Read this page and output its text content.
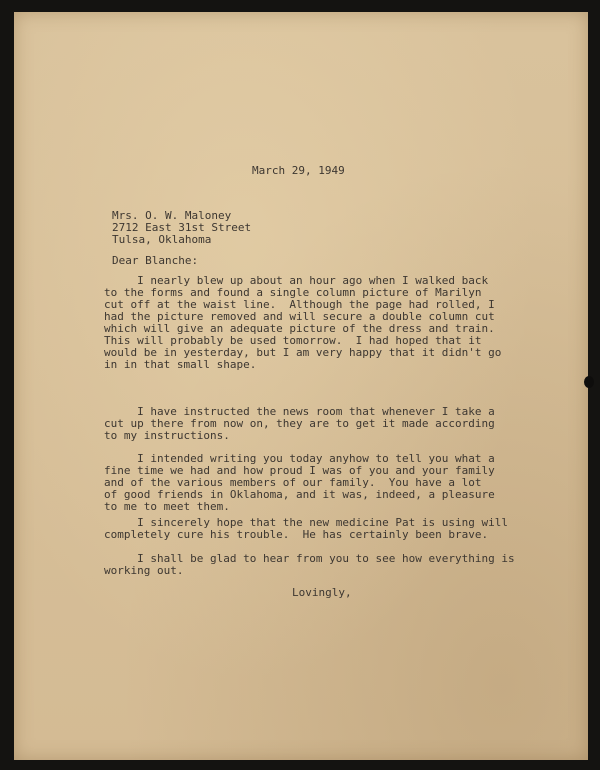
March 29, 1949
Mrs. O. W. Maloney
2712 East 31st Street
Tulsa, Oklahoma
Dear Blanche:
I nearly blew up about an hour ago when I walked back
to the forms and found a single column picture of Marilyn
cut off at the waist line.  Although the page had rolled, I
had the picture removed and will secure a double column cut
which will give an adequate picture of the dress and train.
This will probably be used tomorrow.  I had hoped that it
would be in yesterday, but I am very happy that it didn't go
in in that small shape.
I have instructed the news room that whenever I take a
cut up there from now on, they are to get it made according
to my instructions.
I intended writing you today anyhow to tell you what a
fine time we had and how proud I was of you and your family
and of the various members of our family.  You have a lot
of good friends in Oklahoma, and it was, indeed, a pleasure
to me to meet them.
I sincerely hope that the new medicine Pat is using will
completely cure his trouble.  He has certainly been brave.
I shall be glad to hear from you to see how everything is
working out.
Lovingly,
